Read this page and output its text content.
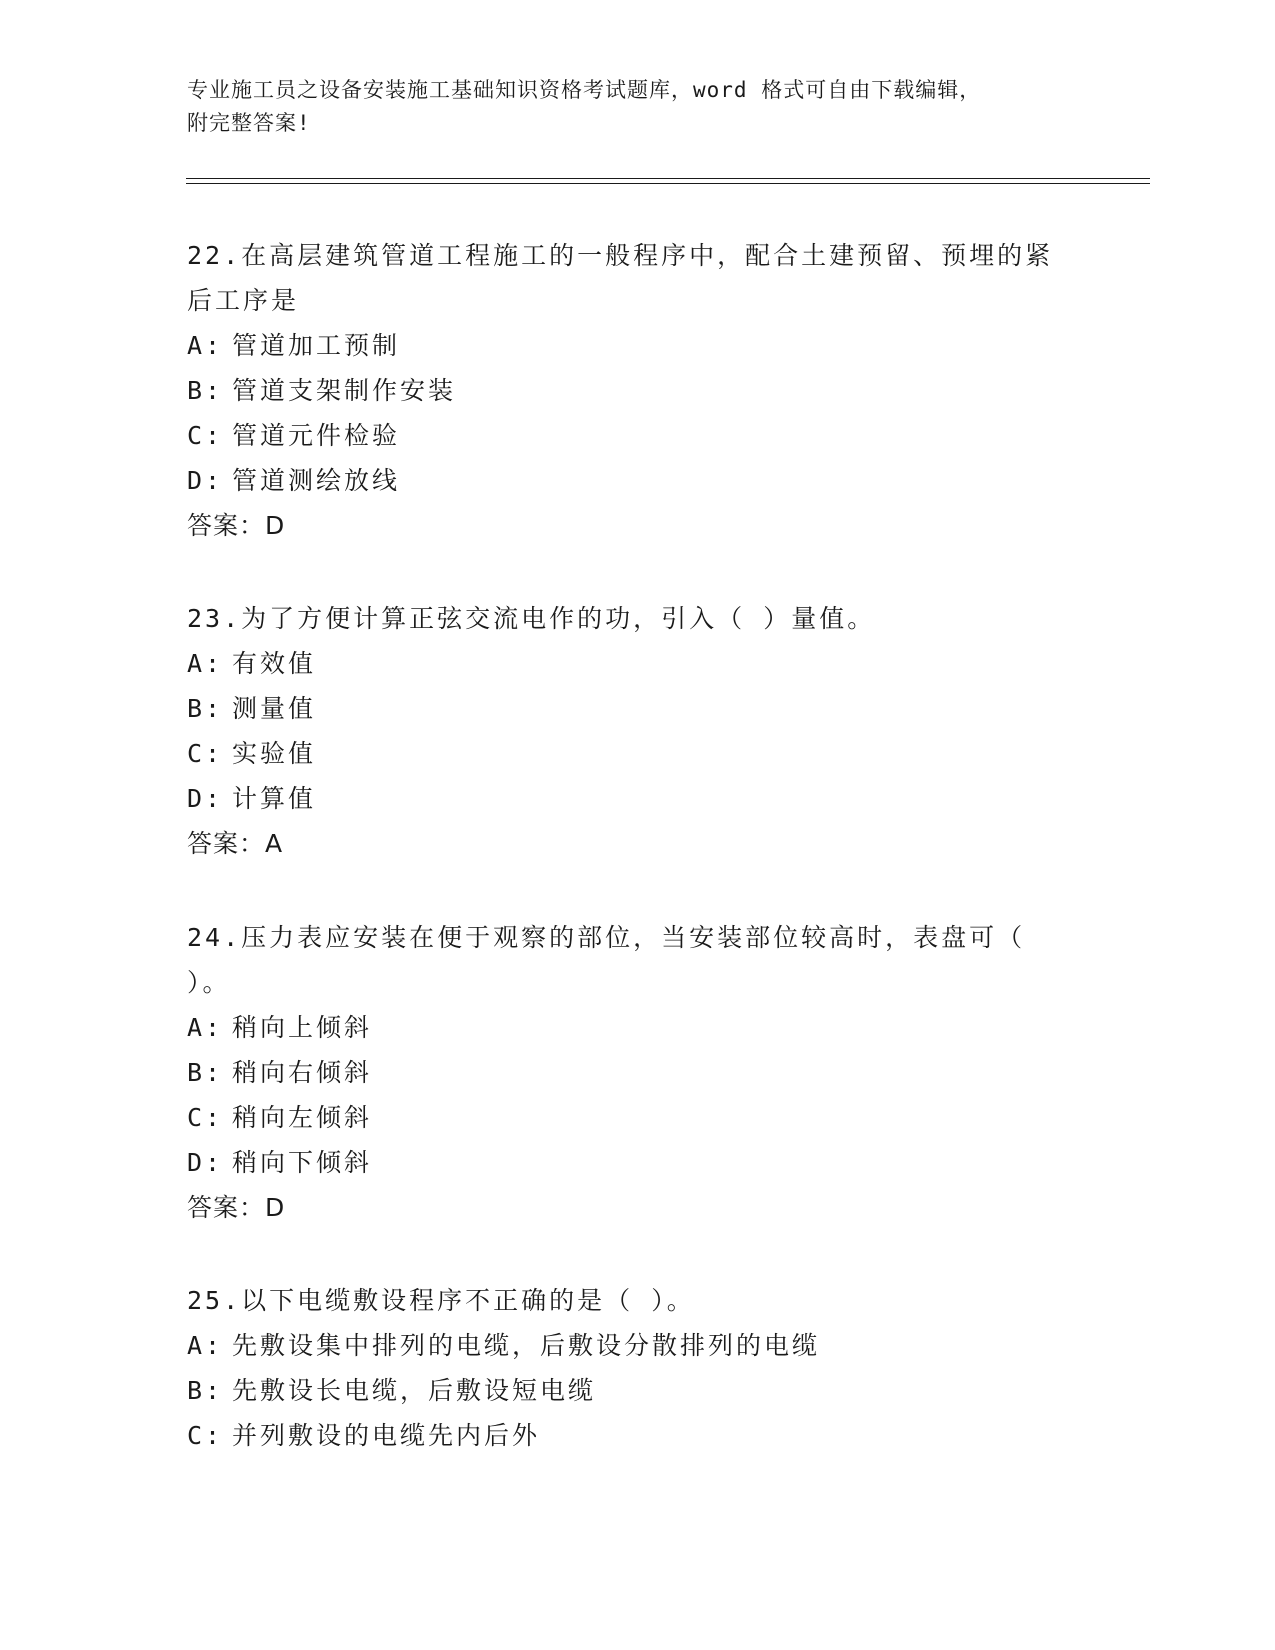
专业施工员之设备安装施工基础知识资格考试题库，word 格式可自由下载编辑，
附完整答案!

22.在高层建筑管道工程施工的一般程序中，配合土建预留、预埋的紧

后工序是

A: 管道加工预制

B: 管道支架制作安装

C: 管道元件检验

D: 管道测绘放线

答案：D

23.为了方便计算正弦交流电作的功，引入（ ）量值。

A: 有效值

B: 测量值

C: 实验值

D: 计算值

答案：A

24.压力表应安装在便于观察的部位，当安装部位较高时，表盘可（

）。

A: 稍向上倾斜

B: 稍向右倾斜

C: 稍向左倾斜

D: 稍向下倾斜

答案：D

25.以下电缆敷设程序不正确的是（ ）。

A: 先敷设集中排列的电缆，后敷设分散排列的电缆

B: 先敷设长电缆，后敷设短电缆

C: 并列敷设的电缆先内后外
